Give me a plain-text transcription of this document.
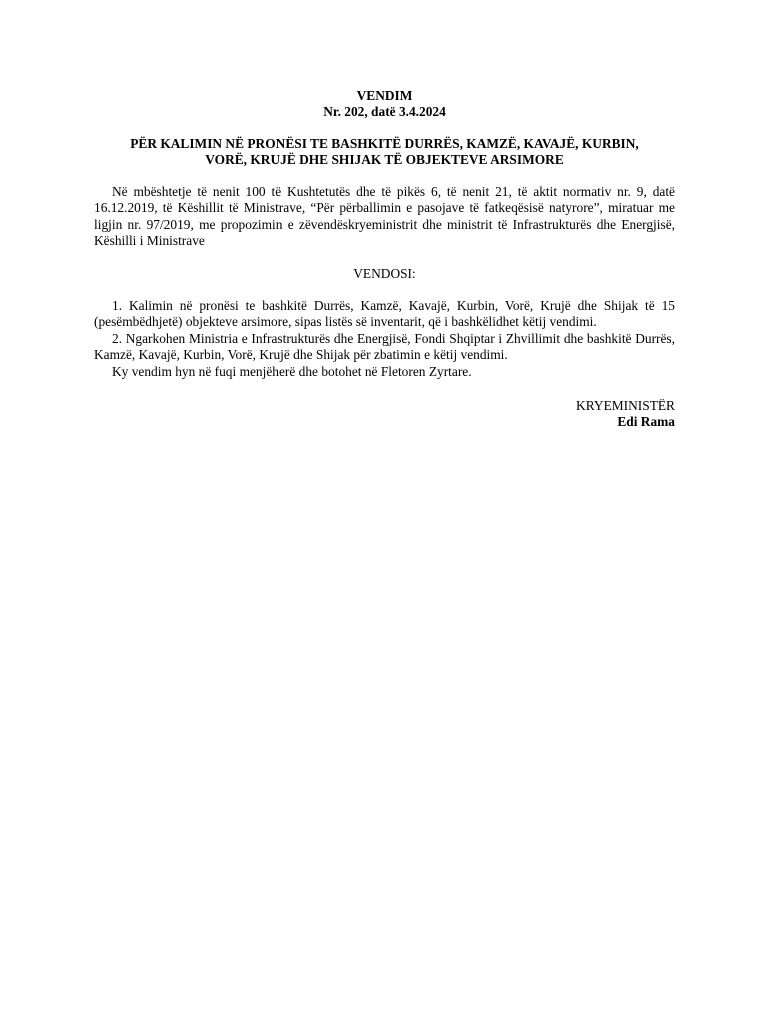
VENDIM

Nr. 202, datë 3.4.2024

PËR KALIMIN NË PRONËSI TE BASHKITË DURRËS, KAMZË, KAVAJË, KURBIN, VORË, KRUJË DHE SHIJAK TË OBJEKTEVE ARSIMORE

Në mbështetje të nenit 100 të Kushtetutës dhe të pikës 6, të nenit 21, të aktit normativ nr. 9, datë 16.12.2019, të Këshillit të Ministrave, “Për përballimin e pasojave të fatkeqësisë natyrore”, miratuar me ligjin nr. 97/2019, me propozimin e zëvendëskryeministrit dhe ministrit të Infrastrukturës dhe Energjisë, Këshilli i Ministrave

VENDOSI:

1. Kalimin në pronësi te bashkitë Durrës, Kamzë, Kavajë, Kurbin, Vorë, Krujë dhe Shijak të 15 (pesëmbëdhjetë) objekteve arsimore, sipas listës së inventarit, që i bashkëlidhet këtij vendimi.

2. Ngarkohen Ministria e Infrastrukturës dhe Energjisë, Fondi Shqiptar i Zhvillimit dhe bashkitë Durrës, Kamzë, Kavajë, Kurbin, Vorë, Krujë dhe Shijak për zbatimin e këtij vendimi.

Ky vendim hyn në fuqi menjëherë dhe botohet në Fletoren Zyrtare.

KRYEMINISTËR

Edi Rama
